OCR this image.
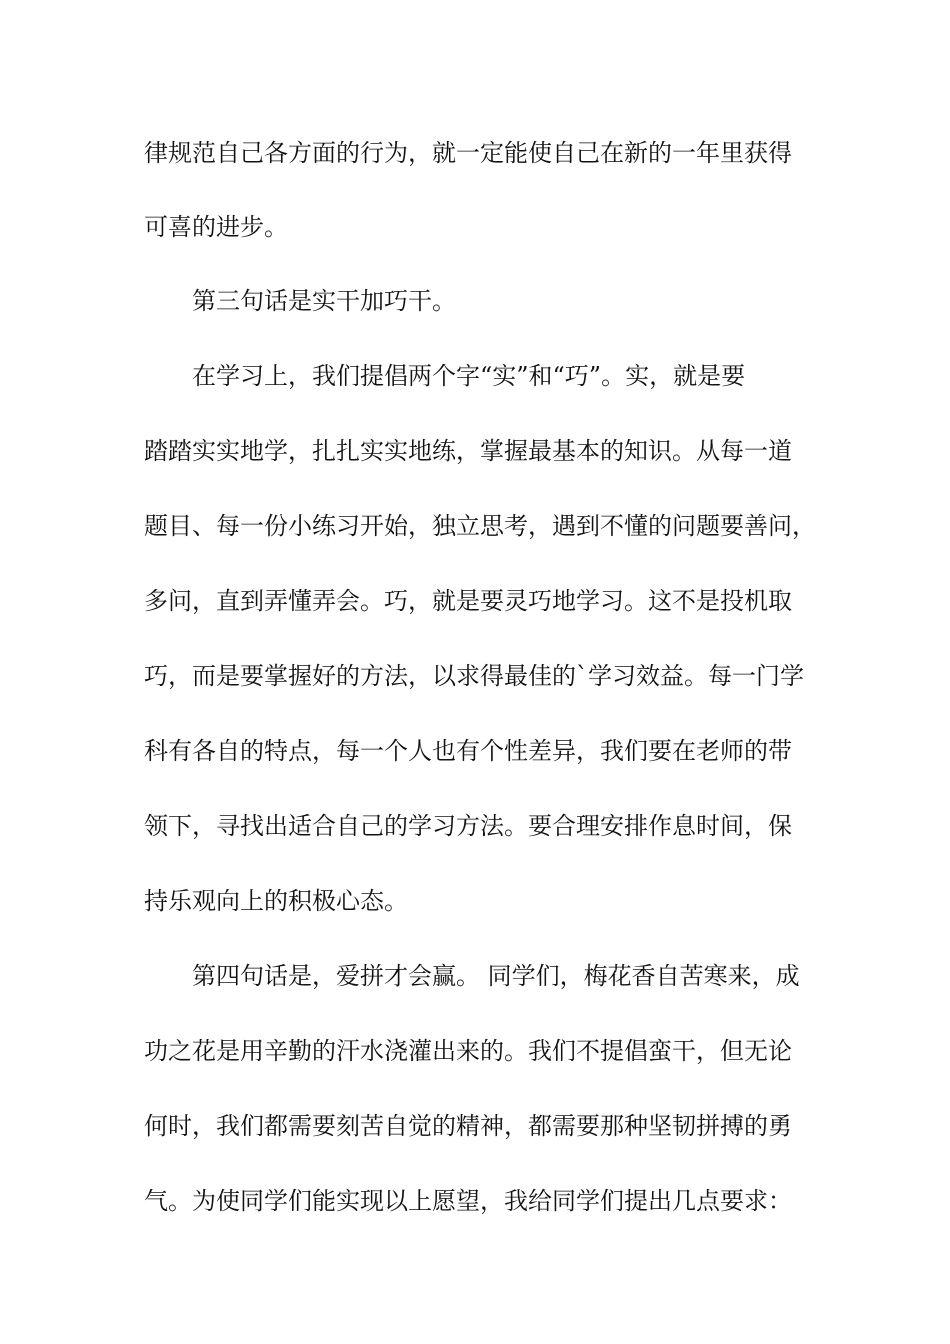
律规范自己各方面的行为，就一定能使自己在新的一年里获得
可喜的进步。
第三句话是实干加巧干。
在学习上，我们提倡两个字“实”和“巧”。实，就是要
踏踏实实地学，扎扎实实地练，掌握最基本的知识。从每一道
题目、每一份小练习开始，独立思考，遇到不懂的问题要善问，
多问，直到弄懂弄会。巧，就是要灵巧地学习。这不是投机取
巧，而是要掌握好的方法，以求得最佳的`学习效益。每一门学
科有各自的特点，每一个人也有个性差异，我们要在老师的带
领下，寻找出适合自己的学习方法。要合理安排作息时间，保
持乐观向上的积极心态。
第四句话是，爱拼才会赢。 同学们，梅花香自苦寒来，成
功之花是用辛勤的汗水浇灌出来的。我们不提倡蛮干，但无论
何时，我们都需要刻苦自觉的精神，都需要那种坚韧拼搏的勇
气。为使同学们能实现以上愿望，我给同学们提出几点要求：
